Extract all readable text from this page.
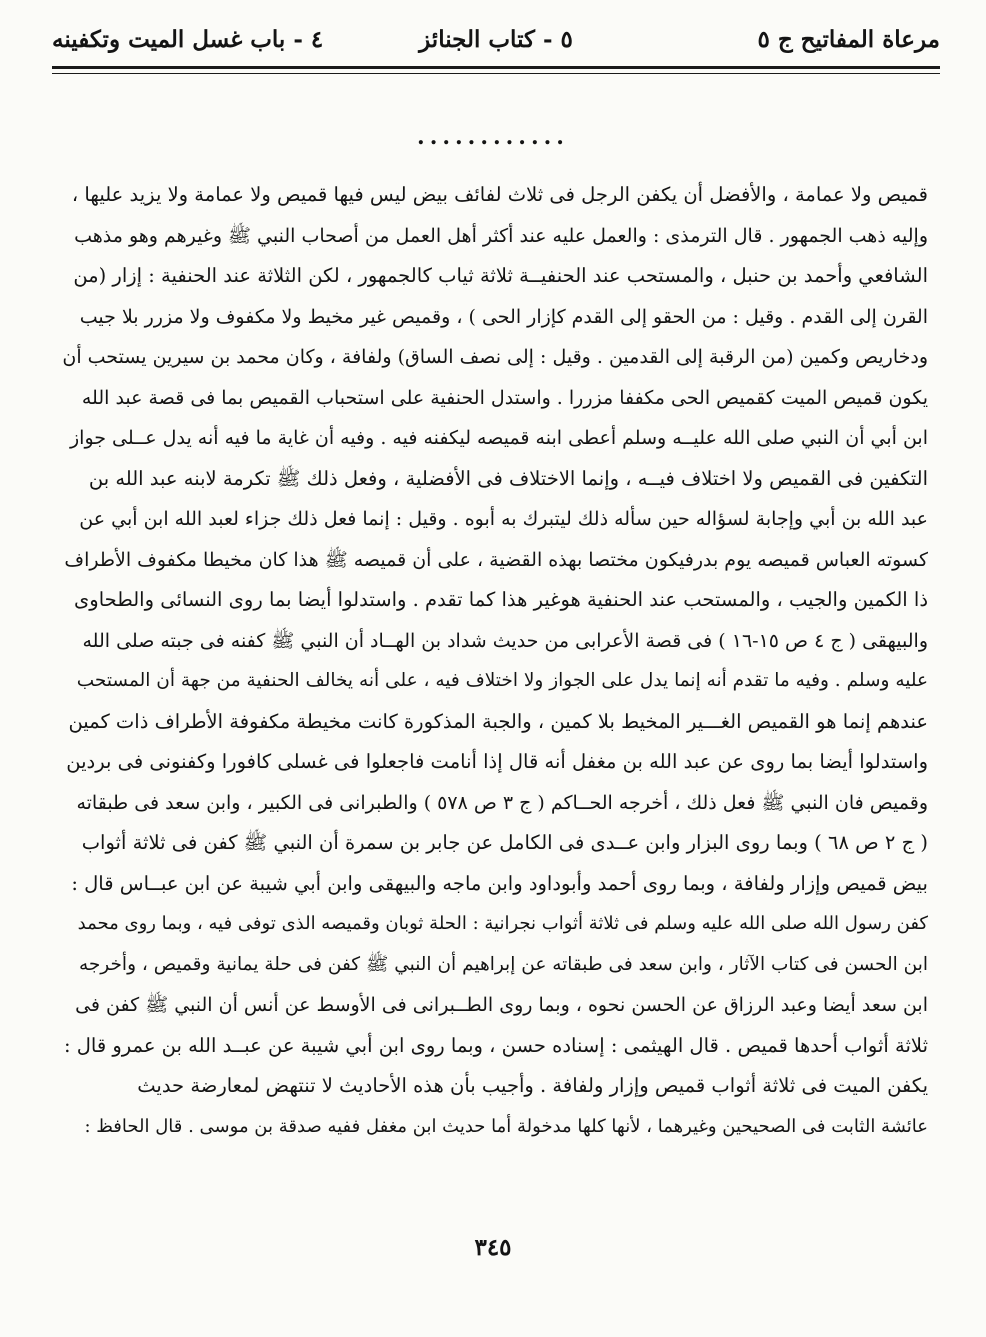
مرعاة المفاتيح ج ٥
٥ - كتاب الجنائز
٤ - باب غسل الميت وتكفينه
............
قميص ولا عمامة ، والأفضل أن يكفن الرجل فى ثلاث لفائف بيض ليس فيها قميص ولا عمامة ولا يزيد عليها ،
وإليه ذهب الجمهور . قال الترمذى : والعمل عليه عند أكثر أهل العمل من أصحاب النبي ﷺ وغيرهم وهو مذهب
الشافعي وأحمد بن حنبل ، والمستحب عند الحنفيــة ثلاثة ثياب كالجمهور ، لكن الثلاثة عند الحنفية : إزار (من
القرن إلى القدم . وقيل : من الحقو إلى القدم كإزار الحى ) ، وقميص غير مخيط ولا مكفوف ولا مزرر بلا جيب
ودخاريص وكمين (من الرقبة إلى القدمين . وقيل : إلى نصف الساق) ولفافة ، وكان محمد بن سيرين يستحب أن
يكون قميص الميت كقميص الحى مكففا مزررا . واستدل الحنفية على استحباب القميص بما فى قصة عبد الله
ابن أبي أن النبي صلى الله عليــه وسلم أعطى ابنه قميصه ليكفنه فيه . وفيه أن غاية ما فيه أنه يدل عــلى جواز
التكفين فى القميص ولا اختلاف فيــه ، وإنما الاختلاف فى الأفضلية ، وفعل ذلك ﷺ تكرمة لابنه عبد الله بن
عبد الله بن أبي وإجابة لسؤاله حين سأله ذلك ليتبرك به أبوه . وقيل : إنما فعل ذلك جزاء لعبد الله ابن أبي عن
كسوته العباس قميصه يوم بدرفيكون مختصا بهذه القضية ، على أن قميصه ﷺ هذا كان مخيطا مكفوف الأطراف
ذا الكمين والجيب ، والمستحب عند الحنفية هوغير هذا كما تقدم . واستدلوا أيضا بما روى النسائى والطحاوى
والبيهقى ( ج ٤ ص ١٥-١٦ ) فى قصة الأعرابى من حديث شداد بن الهــاد أن النبي ﷺ كفنه فى جبته صلى الله
عليه وسلم . وفيه ما تقدم أنه إنما يدل على الجواز ولا اختلاف فيه ، على أنه يخالف الحنفية من جهة أن المستحب
عندهم إنما هو القميص الغـــير المخيط بلا كمين ، والجبة المذكورة كانت مخيطة مكفوفة الأطراف ذات كمين
واستدلوا أيضا بما روى عن عبد الله بن مغفل أنه قال إذا أنامت فاجعلوا فى غسلى كافورا وكفنونى فى بردين
وقميص فان النبي ﷺ فعل ذلك ، أخرجه الحــاكم ( ج ٣ ص ٥٧٨ ) والطبرانى فى الكبير ، وابن سعد فى طبقاته
( ج ٢ ص ٦٨ ) وبما روى البزار وابن عــدى فى الكامل عن جابر بن سمرة أن النبي ﷺ كفن فى ثلاثة أثواب
بيض قميص وإزار ولفافة ، وبما روى أحمد وأبوداود وابن ماجه والبيهقى وابن أبي شيبة عن ابن عبــاس قال :
كفن رسول الله صلى الله عليه وسلم فى ثلاثة أثواب نجرانية : الحلة ثوبان وقميصه الذى توفى فيه ، وبما روى محمد
ابن الحسن فى كتاب الآثار ، وابن سعد فى طبقاته عن إبراهيم أن النبي ﷺ كفن فى حلة يمانية وقميص ، وأخرجه
ابن سعد أيضا وعبد الرزاق عن الحسن نحوه ، وبما روى الطــبرانى فى الأوسط عن أنس أن النبي ﷺ كفن فى
ثلاثة أثواب أحدها قميص . قال الهيثمى : إسناده حسن ، وبما روى ابن أبي شيبة عن عبــد الله بن عمرو قال :
يكفن الميت فى ثلاثة أثواب قميص وإزار ولفافة . وأجيب بأن هذه الأحاديث لا تنتهض لمعارضة حديث
عائشة الثابت فى الصحيحين وغيرهما ، لأنها كلها مدخولة أما حديث ابن مغفل ففيه صدقة بن موسى . قال الحافظ :
٣٤٥
